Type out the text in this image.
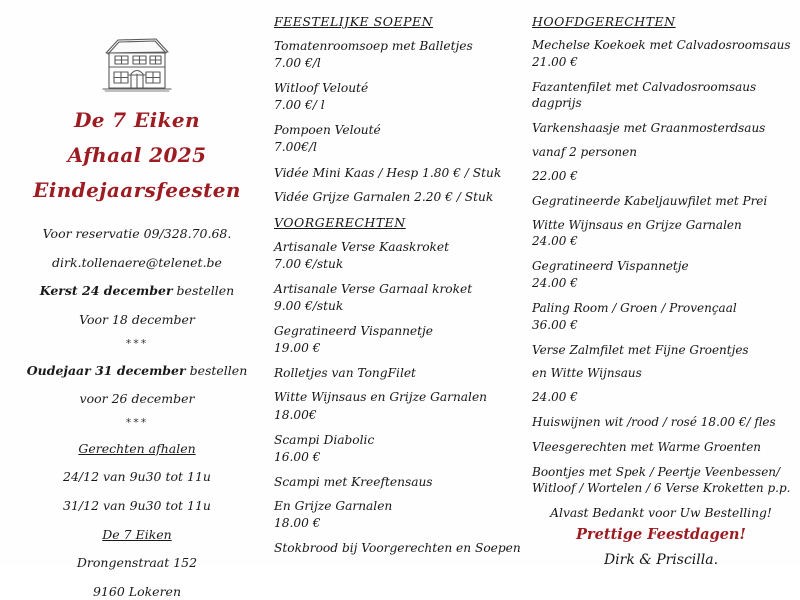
De 7 Eiken
Afhaal 2025
Eindejaarsfeesten
Voor reservatie 09/328.70.68.
dirk.tollenaere@telenet.be
Kerst 24 december bestellen
Voor 18 december
***
Oudejaar 31 december bestellen
voor 26 december
***
Gerechten afhalen
24/12 van 9u30 tot 11u
31/12 van 9u30 tot 11u
De 7 Eiken
Drongenstraat 152
9160 Lokeren
FEESTELIJKE SOEPEN
Tomatenroomsoep met Balletjes
7.00 €/l
Witloof Velouté
7.00 €/ l
Pompoen Velouté
7.00€/l
Vidée Mini Kaas / Hesp 1.80 € / Stuk
Vidée Grijze Garnalen 2.20 € / Stuk
VOORGERECHTEN
Artisanale Verse Kaaskroket
7.00 €/stuk
Artisanale Verse Garnaal kroket
9.00 €/stuk
Gegratineerd Vispannetje
19.00 €
Rolletjes van TongFilet
Witte Wijnsaus en Grijze Garnalen
18.00€
Scampi Diabolic
16.00 €
Scampi met Kreeftensaus
En Grijze Garnalen
18.00 €
Stokbrood bij Voorgerechten en Soepen
HOOFDGERECHTEN
Mechelse Koekoek met Calvadosroomsaus
21.00 €
Fazantenfilet met Calvadosroomsaus
dagprijs
Varkenshaasje met Graanmosterdsaus
vanaf 2 personen
22.00 €
Gegratineerde Kabeljauwfilet met Prei
Witte Wijnsaus en Grijze Garnalen
24.00 €
Gegratineerd Vispannetje
24.00 €
Paling Room / Groen / Provençaal
36.00 €
Verse Zalmfilet met Fijne Groentjes
en Witte Wijnsaus
24.00 €
Huiswijnen wit /rood / rosé 18.00 €/ fles
Vleesgerechten met Warme Groenten
Boontjes met Spek / Peertje Veenbessen/
Witloof / Wortelen / 6 Verse Kroketten p.p.
Alvast Bedankt voor Uw Bestelling!
Prettige Feestdagen!
Dirk & Priscilla.
